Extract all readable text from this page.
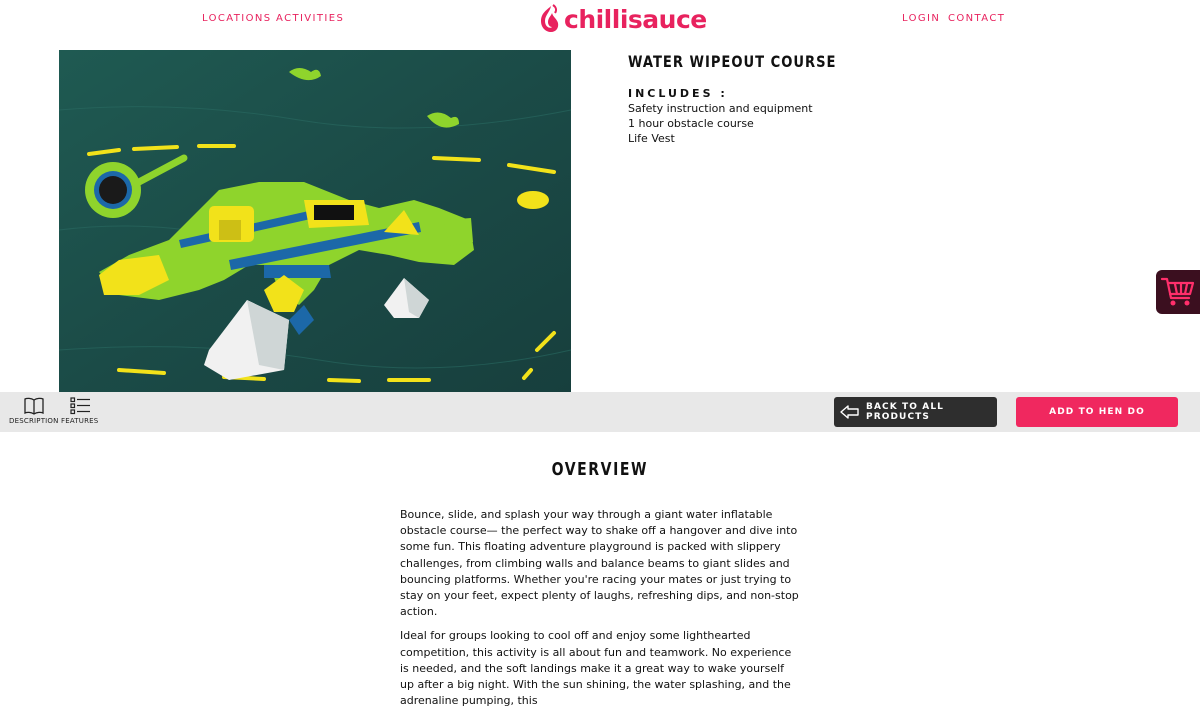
LOCATIONS ACTIVITIES	chillisauce	LOGIN CONTACT
WATER WIPEOUT COURSE
INCLUDES :
Safety instruction and equipment
1 hour obstacle course
Life Vest
DESCRIPTION FEATURES
BACK TO ALL PRODUCTS	ADD TO HEN DO
OVERVIEW

Bounce, slide, and splash your way through a giant water inflatable obstacle course— the perfect way to shake off a hangover and dive into some fun. This floating adventure playground is packed with slippery challenges, from climbing walls and balance beams to giant slides and bouncing platforms. Whether you're racing your mates or just trying to stay on your feet, expect plenty of laughs, refreshing dips, and non-stop action.

Ideal for groups looking to cool off and enjoy some lighthearted competition, this activity is all about fun and teamwork. No experience is needed, and the soft landings make it a great way to wake yourself up after a big night. With the sun shining, the water splashing, and the adrenaline pumping, this
